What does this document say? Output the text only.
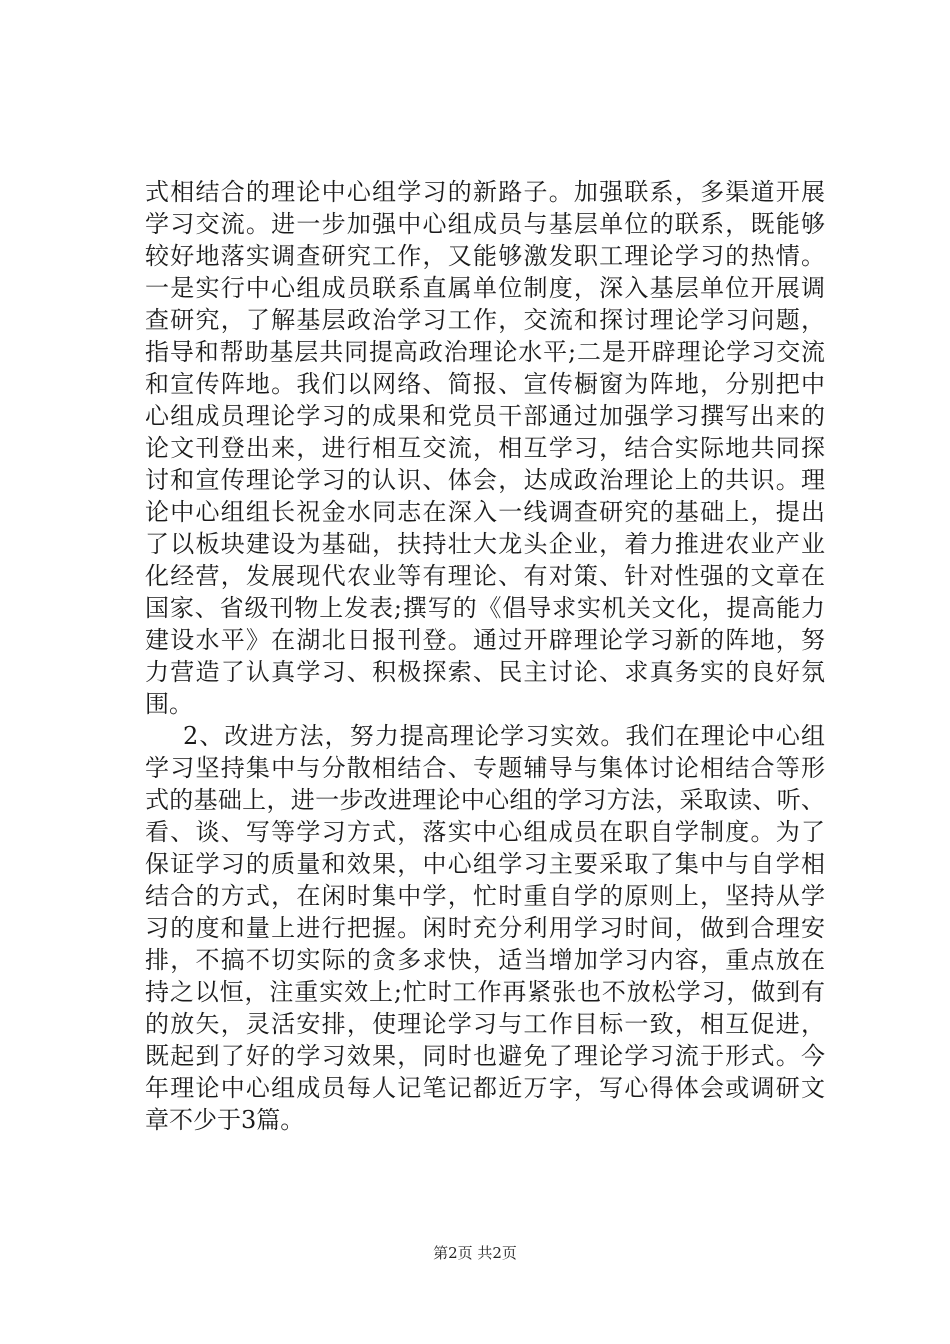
式相结合的理论中心组学习的新路子。加强联系，多渠道开展
学习交流。进一步加强中心组成员与基层单位的联系，既能够
较好地落实调查研究工作，又能够激发职工理论学习的热情。
一是实行中心组成员联系直属单位制度，深入基层单位开展调
查研究，了解基层政治学习工作，交流和探讨理论学习问题，
指导和帮助基层共同提高政治理论水平;二是开辟理论学习交流
和宣传阵地。我们以网络、简报、宣传橱窗为阵地，分别把中
心组成员理论学习的成果和党员干部通过加强学习撰写出来的
论文刊登出来，进行相互交流，相互学习，结合实际地共同探
讨和宣传理论学习的认识、体会，达成政治理论上的共识。理
论中心组组长祝金水同志在深入一线调查研究的基础上，提出
了以板块建设为基础，扶持壮大龙头企业，着力推进农业产业
化经营，发展现代农业等有理论、有对策、针对性强的文章在
国家、省级刊物上发表;撰写的《倡导求实机关文化，提高能力
建设水平》在湖北日报刊登。通过开辟理论学习新的阵地，努
力营造了认真学习、积极探索、民主讨论、求真务实的良好氛
围。
2、改进方法，努力提高理论学习实效。我们在理论中心组
学习坚持集中与分散相结合、专题辅导与集体讨论相结合等形
式的基础上，进一步改进理论中心组的学习方法，采取读、听、
看、谈、写等学习方式，落实中心组成员在职自学制度。为了
保证学习的质量和效果，中心组学习主要采取了集中与自学相
结合的方式，在闲时集中学，忙时重自学的原则上，坚持从学
习的度和量上进行把握。闲时充分利用学习时间，做到合理安
排，不搞不切实际的贪多求快，适当增加学习内容，重点放在
持之以恒，注重实效上;忙时工作再紧张也不放松学习，做到有
的放矢，灵活安排，使理论学习与工作目标一致，相互促进，
既起到了好的学习效果，同时也避免了理论学习流于形式。今
年理论中心组成员每人记笔记都近万字，写心得体会或调研文
章不少于3篇。
第2页 共2页
